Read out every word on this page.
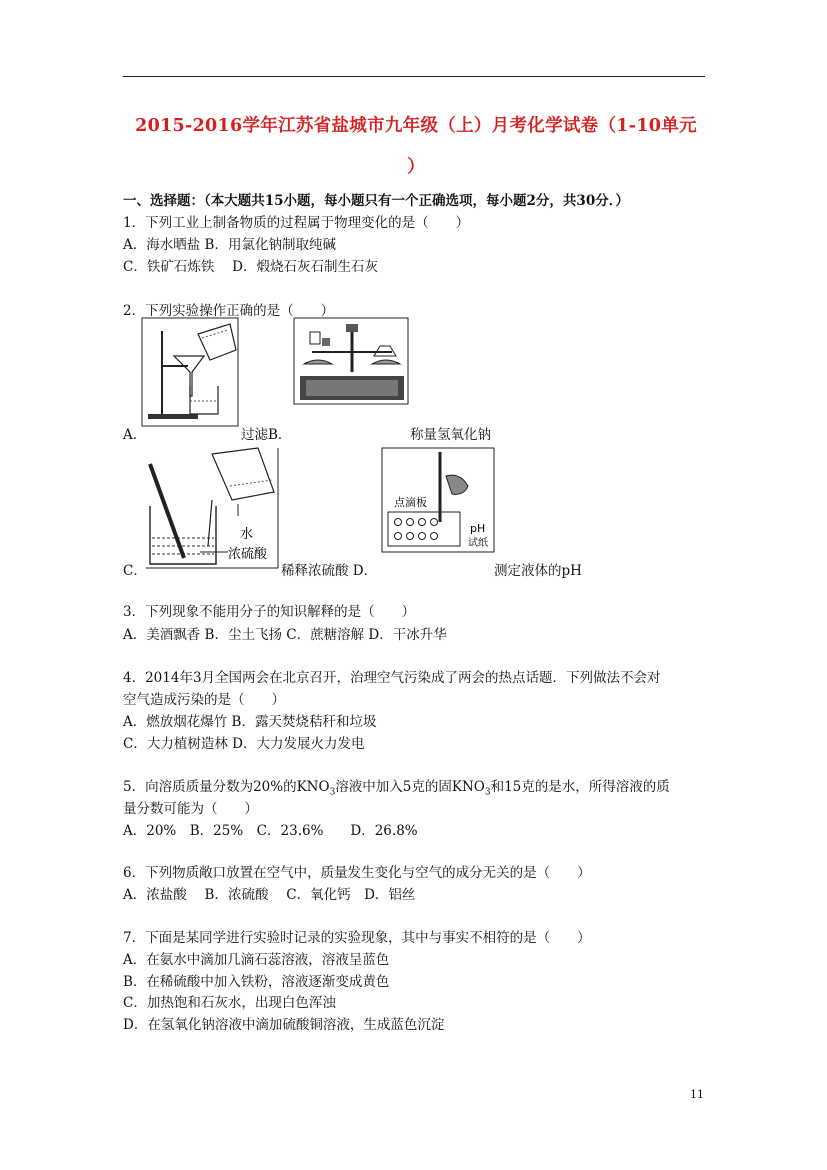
2015-2016学年江苏省盐城市九年级（上）月考化学试卷（1-10单元
）
一、选择题：（本大题共15小题，每小题只有一个正确选项，每小题2分，共30分．）
1．下列工业上制备物质的过程属于物理变化的是（　　）
A．海水晒盐 B．用氯化钠制取纯碱
C．铁矿石炼铁　 D．煅烧石灰石制生石灰
2．下列实验操作正确的是（　　）
A．	过滤B．	称量氢氧化钠
水
浓硫酸
点滴板
pH
试纸
C．	稀释浓硫酸 D．	测定液体的pH
3．下列现象不能用分子的知识解释的是（　　）
A．美酒飘香 B．尘土飞扬 C．蔗糖溶解 D．干冰升华
4．2014年3月全国两会在北京召开，治理空气污染成了两会的热点话题．下列做法不会对
空气造成污染的是（　　）
A．燃放烟花爆竹 B．露天焚烧秸秆和垃圾
C．大力植树造林 D．大力发展火力发电
5．向溶质质量分数为20%的$KNO_3$溶液中加入5克的固$KNO_3$和15克的是水，所得溶液的质
量分数可能为（　　）
A．20%　B．25%　C．23.6%　　D．26.8%
6．下列物质敞口放置在空气中，质量发生变化与空气的成分无关的是（　　）
A．浓盐酸　 B．浓硫酸　 C．氧化钙　D．铝丝
7．下面是某同学进行实验时记录的实验现象，其中与事实不相符的是（　　）
A．在氨水中滴加几滴石蕊溶液，溶液呈蓝色
B．在稀硫酸中加入铁粉，溶液逐渐变成黄色
C．加热饱和石灰水，出现白色浑浊
D．在氢氧化钠溶液中滴加硫酸铜溶液，生成蓝色沉淀
11
